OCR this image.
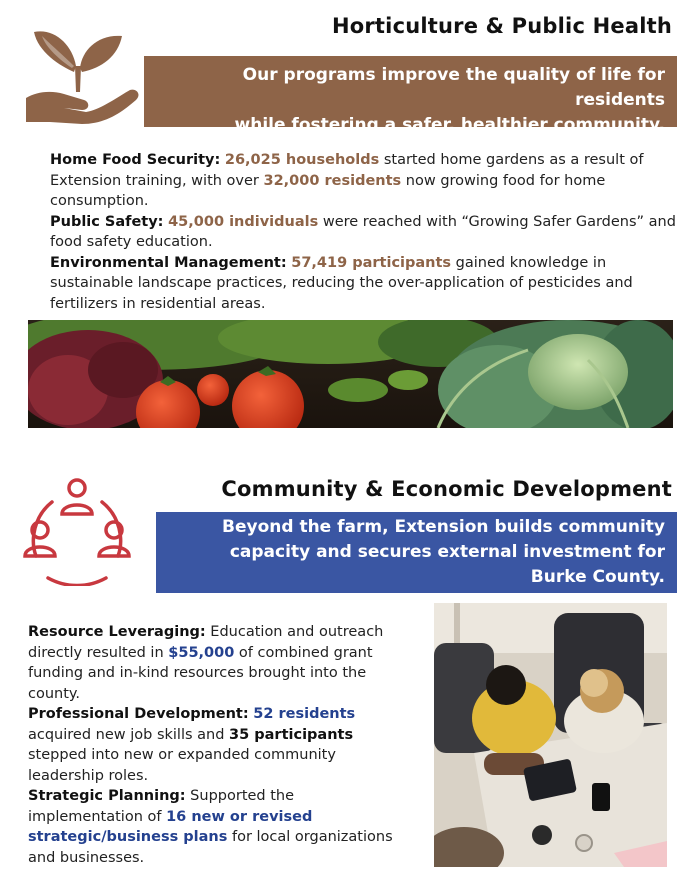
Horticulture & Public Health
Our programs improve the quality of life for residents
while fostering a safer, healthier community.

Home Food Security: 26,025 households started home gardens as a result of Extension training, with over 32,000 residents now growing food for home consumption.

Public Safety: 45,000 individuals were reached with “Growing Safer Gardens” and food safety education.

Environmental Management: 57,419 participants gained knowledge in sustainable landscape practices, reducing the over-application of pesticides and fertilizers in residential areas.

Community & Economic Development
Beyond the farm, Extension builds community
capacity and secures external investment for
Burke County.

Resource Leveraging: Education and outreach directly resulted in $55,000 of combined grant funding and in-kind resources brought into the county.

Professional Development: 52 residents acquired new job skills and 35 participants stepped into new or expanded community leadership roles.

Strategic Planning: Supported the implementation of 16 new or revised strategic/business plans for local organizations and businesses.
